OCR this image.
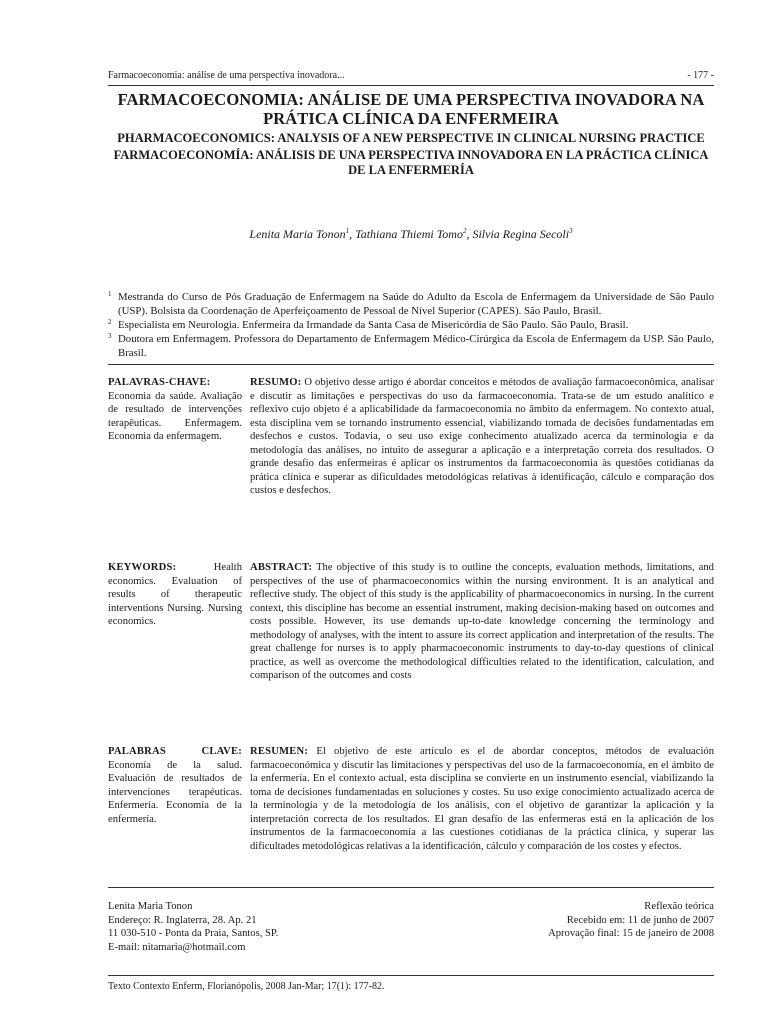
Farmacoeconomia: análise de uma perspectiva inovadora...	- 177 -
FARMACOECONOMIA: ANÁLISE DE UMA PERSPECTIVA INOVADORA NA PRÁTICA CLÍNICA DA ENFERMEIRA
PHARMACOECONOMICS: ANALYSIS OF A NEW PERSPECTIVE IN CLINICAL NURSING PRACTICE
FARMACOECONOMÍA: ANÁLISIS DE UNA PERSPECTIVA INNOVADORA EN LA PRÁCTICA CLÍNICA DE LA ENFERMERÍA
Lenita Maria Tonon$^1$, Tathiana Thiemi Tomo$^2$, Silvia Regina Secoli$^3$
1 Mestranda do Curso de Pós Graduação de Enfermagem na Saúde do Adulto da Escola de Enfermagem da Universidade de São Paulo (USP). Bolsista da Coordenação de Aperfeiçoamento de Pessoal de Nível Superior (CAPES). São Paulo, Brasil.
2 Especialista em Neurologia. Enfermeira da Irmandade da Santa Casa de Misericórdia de São Paulo. São Paulo, Brasil.
3 Doutora em Enfermagem. Professora do Departamento de Enfermagem Médico-Cirúrgica da Escola de Enfermagem da USP. São Paulo, Brasil.
PALAVRAS-CHAVE: Economia da saúde. Avaliação de resultado de intervenções terapêuticas. Enfermagem. Economia da enfermagem.
RESUMO: O objetivo desse artigo é abordar conceitos e métodos de avaliação farmacoeconômica, analisar e discutir as limitações e perspectivas do uso da farmacoeconomia. Trata-se de um estudo analítico e reflexivo cujo objeto é a aplicabilidade da farmacoeconomia no âmbito da enfermagem. No contexto atual, esta disciplina vem se tornando instrumento essencial, viabilizando tomada de decisões fundamentadas em desfechos e custos. Todavia, o seu uso exige conhecimento atualizado acerca da terminologia e da metodologia das análises, no intuito de assegurar a aplicação e a interpretação correta dos resultados. O grande desafio das enfermeiras é aplicar os instrumentos da farmacoeconomia às questões cotidianas da prática clínica e superar as dificuldades metodológicas relativas à identificação, cálculo e comparação dos custos e desfechos.
KEYWORDS:	Health economics. Evaluation of results of therapeutic interventions Nursing. Nursing economics.
ABSTRACT: The objective of this study is to outline the concepts, evaluation methods, limitations, and perspectives of the use of pharmacoeconomics within the nursing environment. It is an analytical and reflective study. The object of this study is the applicability of pharmacoeconomics in nursing. In the current context, this discipline has become an essential instrument, making decision-making based on outcomes and costs possible. However, its use demands up-to-date knowledge concerning the terminology and methodology of analyses, with the intent to assure its correct application and interpretation of the results. The great challenge for nurses is to apply pharmacoeconomic instruments to day-to-day questions of clinical practice, as well as overcome the methodological difficulties related to the identification, calculation, and comparison of the outcomes and costs
PALABRAS CLAVE: Economía de la salud. Evaluación de resultados de intervenciones terapéuticas. Enfermería. Economía de la enfermería.
RESUMEN: El objetivo de este artículo es el de abordar conceptos, métodos de evaluación farmacoeconómica y discutir las limitaciones y perspectivas del uso de la farmacoeconomía, en el ámbito de la enfermería. En el contexto actual, esta disciplina se convierte en un instrumento esencial, viabilizando la toma de decisiones fundamentadas en soluciones y costes. Su uso exige conocimiento actualizado acerca de la terminología y de la metodología de los análisis, con el objetivo de garantizar la aplicación y la interpretación correcta de los resultados. El gran desafío de las enfermeras está en la aplicación de los instrumentos de la farmacoeconomía a las cuestiones cotidianas de la práctica clínica, y superar las dificultades metodológicas relativas a la identificación, cálculo y comparación de los costes y efectos.
Lenita Maria Tonon
Endereço: R. Inglaterra, 28. Ap. 21
11 030-510 - Ponta da Praia, Santos, SP.
E-mail: nitamaria@hotmail.com
Reflexão teórica
Recebido em: 11 de junho de 2007
Aprovação final: 15 de janeiro de 2008
Texto Contexto Enferm, Florianópolis, 2008 Jan-Mar; 17(1): 177-82.
